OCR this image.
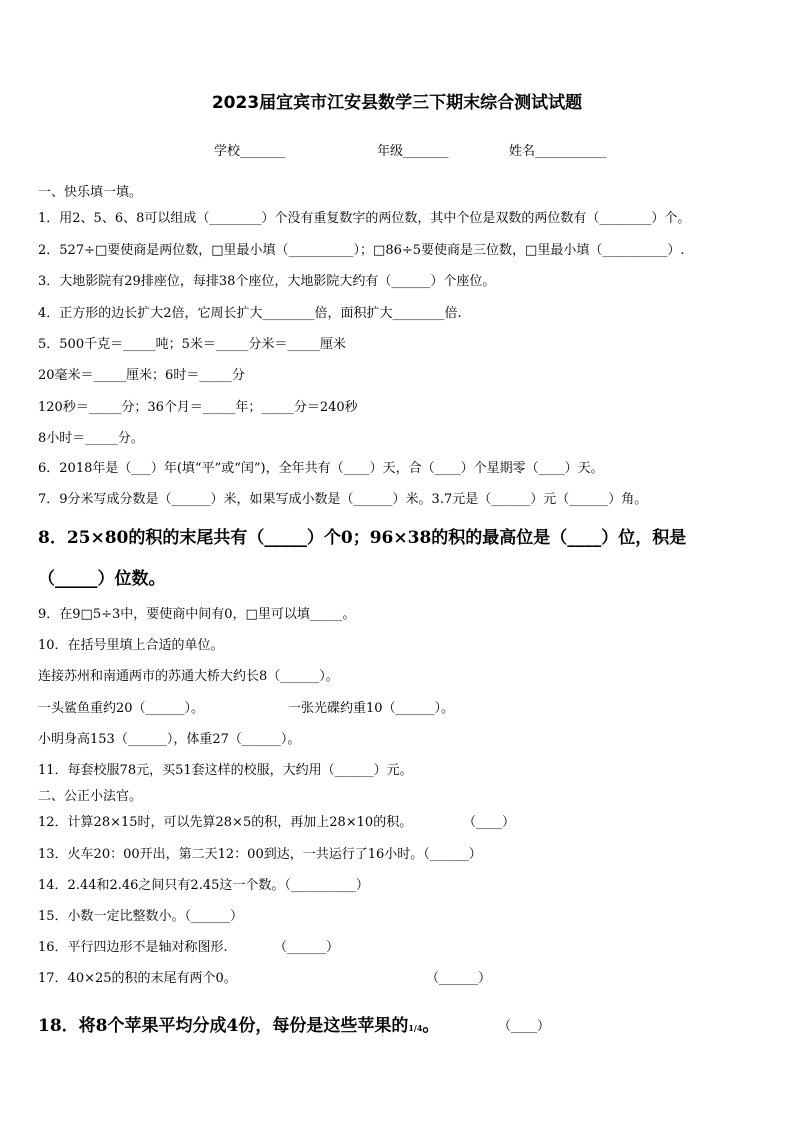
2023届宜宾市江安县数学三下期末综合测试试题
学校_______	年级_______	姓名___________
一、快乐填一填。
1．用2、5、6、8可以组成（________）个没有重复数字的两位数，其中个位是双数的两位数有（________）个。
2．527÷□要使商是两位数，□里最小填（__________）；□86÷5要使商是三位数，□里最小填（__________）.
3．大地影院有29排座位，每排38个座位，大地影院大约有（______）个座位。
4．正方形的边长扩大2倍，它周长扩大________倍，面积扩大________倍.
5．500千克＝_____吨；5米＝_____分米＝_____厘米
20毫米＝_____厘米；6时＝_____分
120秒＝_____分；36个月＝_____年；_____分＝240秒
8小时＝_____分。
6．2018年是（___）年(填“平”或“闰”)，全年共有（____）天，合（____）个星期零（____）天。
7．9分米写成分数是（______）米，如果写成小数是（______）米。3.7元是（______）元（______）角。
8．25×80的积的末尾共有（_____）个0；96×38的积的最高位是（____）位，积是
（_____）位数。
9．在9□5÷3中，要使商中间有0，□里可以填_____。
10．在括号里填上合适的单位。
连接苏州和南通两市的苏通大桥大约长8（______）。
一头鲨鱼重约20（______）。	一张光碟约重10（______）。
小明身高153（______），体重27（______）。
11．每套校服78元，买51套这样的校服，大约用（______）元。
二、公正小法官。
12．计算28×15时，可以先算28×5的积，再加上28×10的积。	（____）
13．火车20：00开出，第二天12：00到达，一共运行了16小时。（______）
14．2.44和2.46之间只有2.45这一个数。（__________）
15．小数一定比整数小。（______）
16．平行四边形不是轴对称图形.	（______）
17．40×25的积的末尾有两个0。	（______）
18．将8个苹果平均分成4份，每份是这些苹果的1/4。	（____）
